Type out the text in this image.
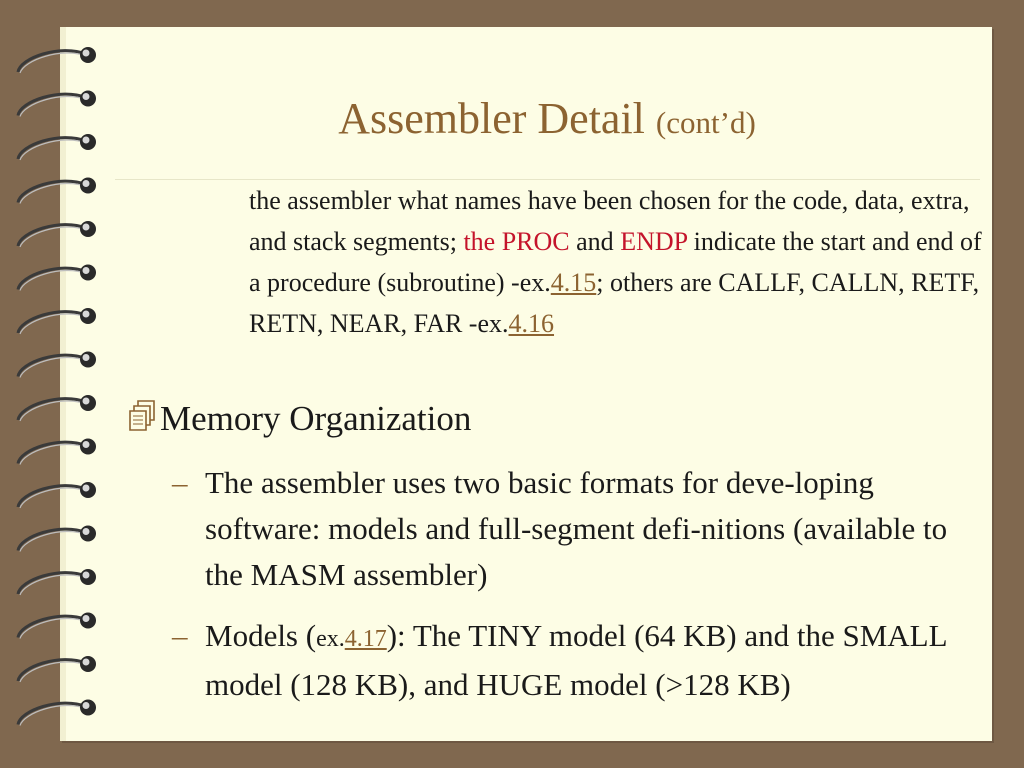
Assembler Detail (cont’d)
the assembler what names have been chosen for the code, data, extra, and stack segments; the PROC and ENDP indicate the start and end of a procedure (subroutine) -ex.4.15; others are CALLF, CALLN, RETF, RETN, NEAR, FAR -ex.4.16
Memory Organization
– The assembler uses two basic formats for deve-loping software: models and full-segment defi-nitions (available to the MASM assembler)
– Models (ex.4.17): The TINY model (64 KB) and the SMALL model (128 KB), and HUGE model (>128 KB)
